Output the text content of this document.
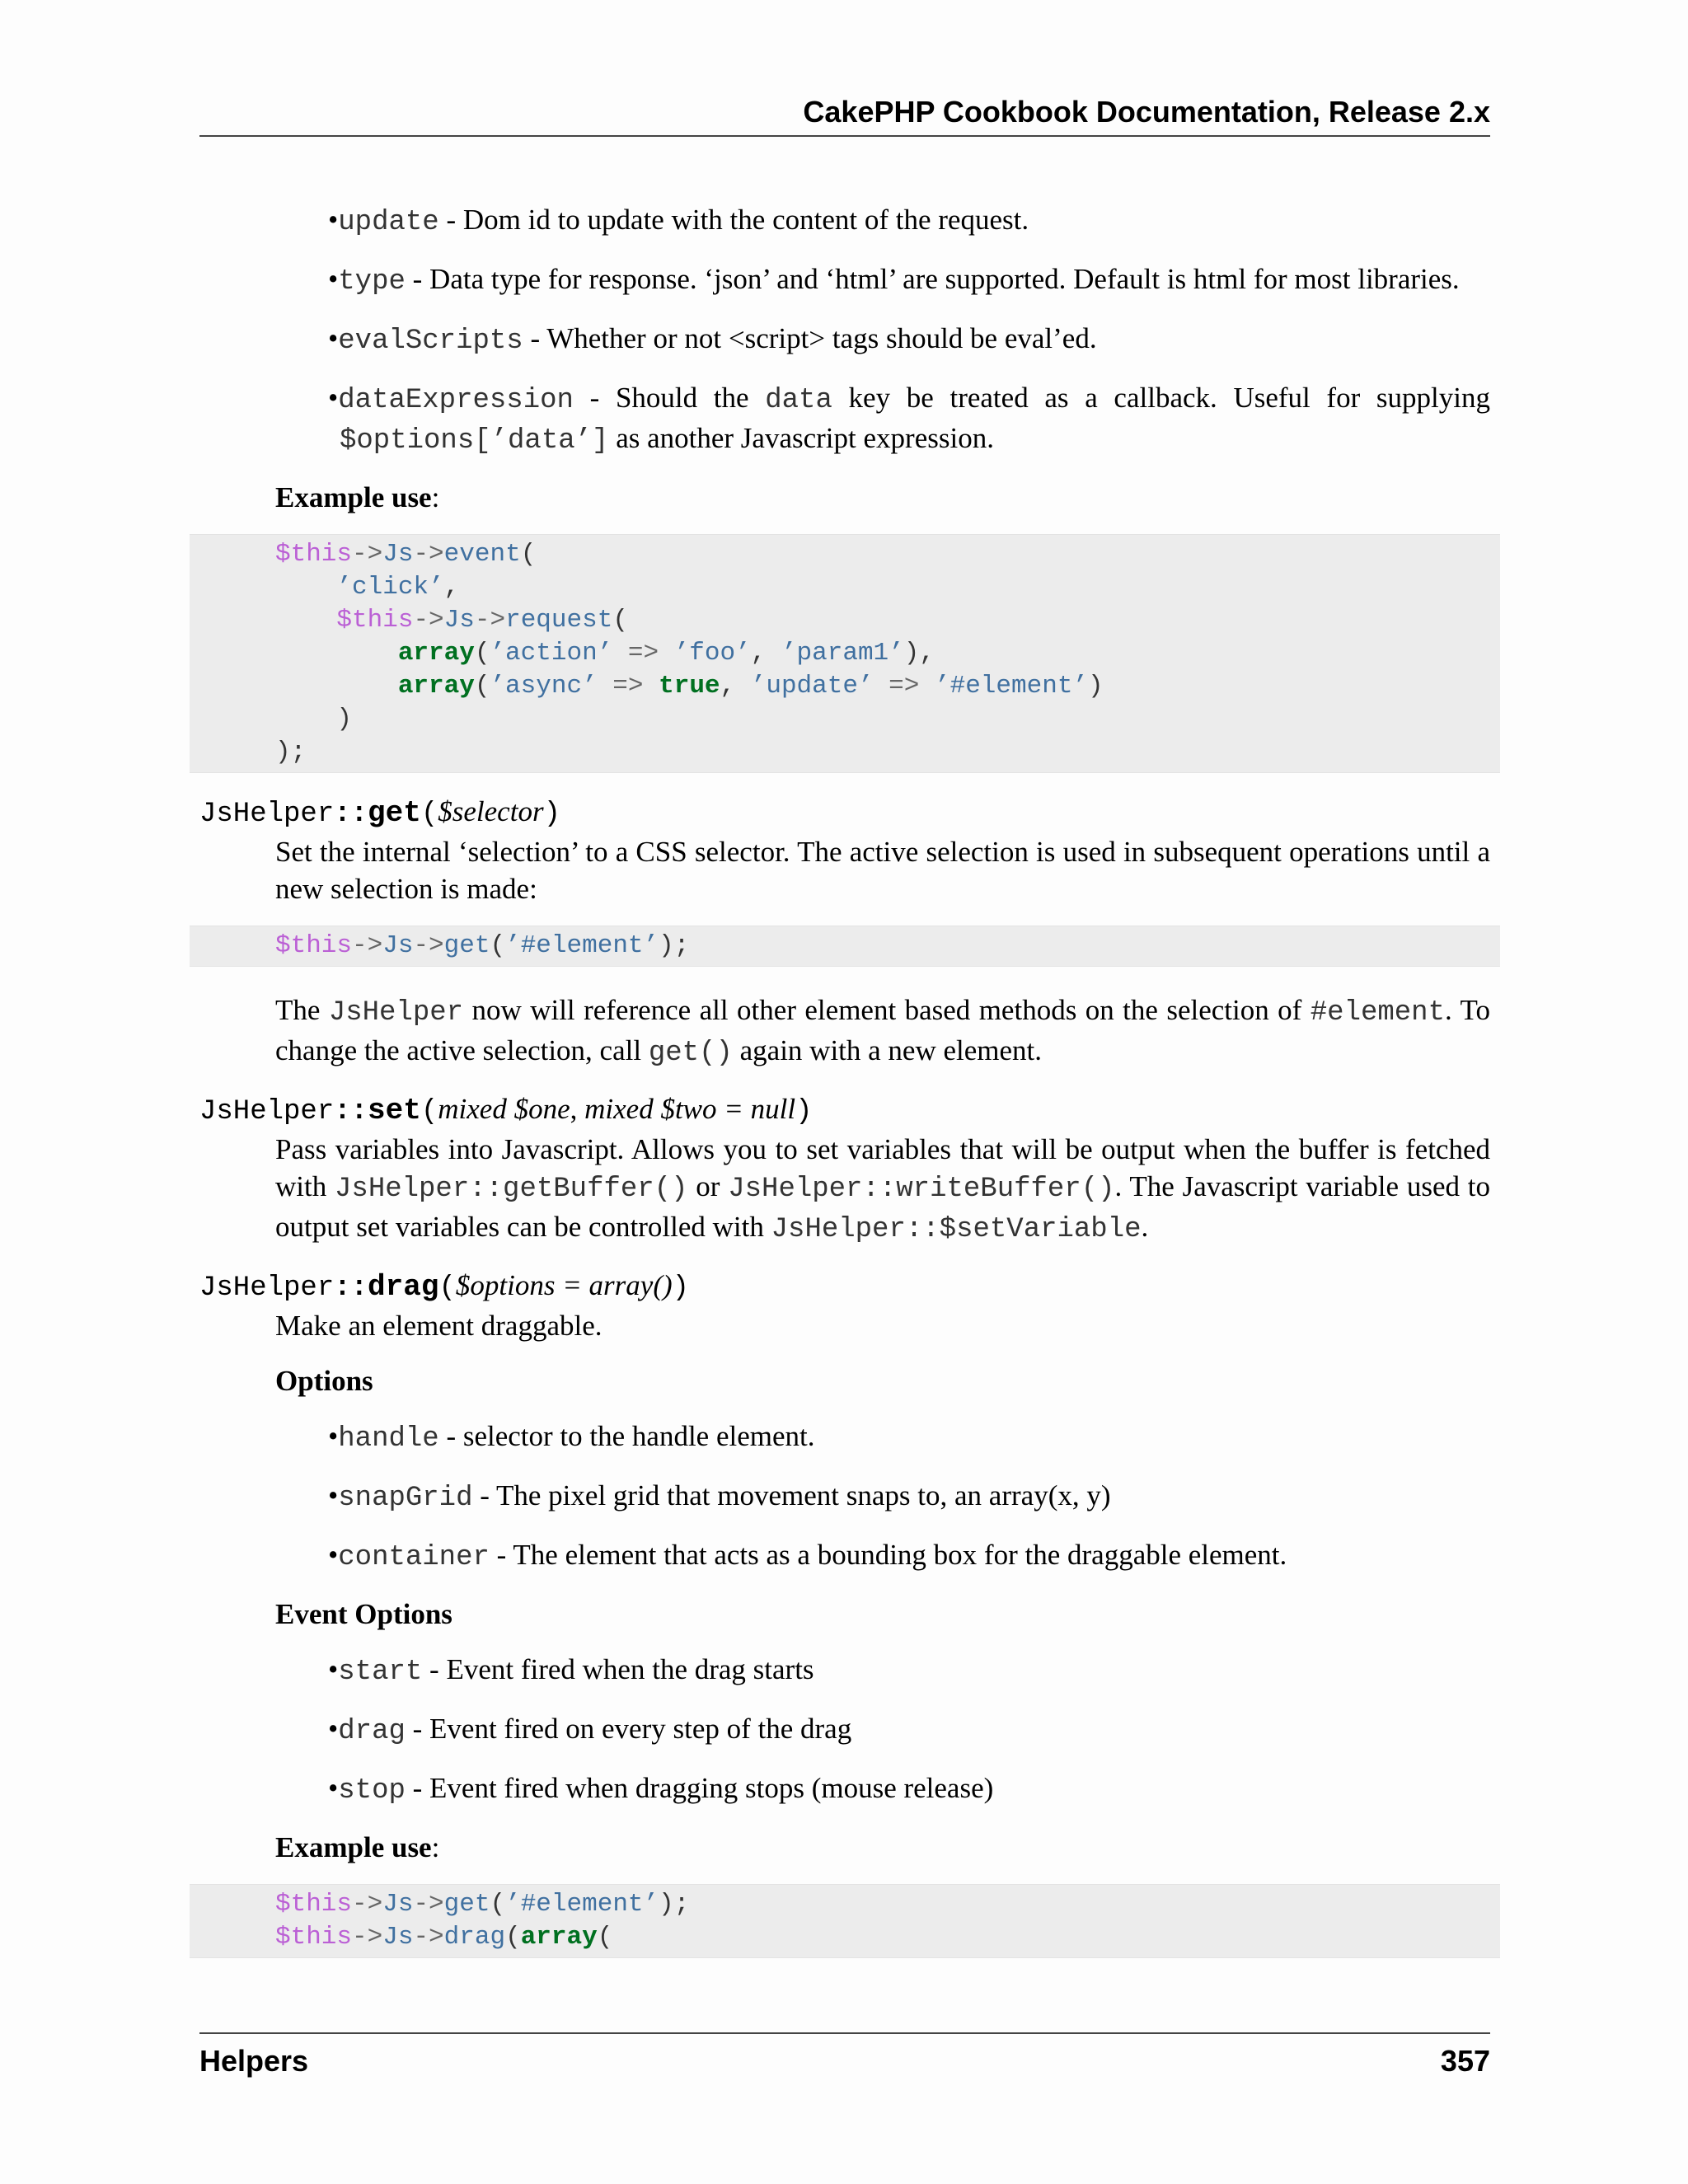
CakePHP Cookbook Documentation, Release 2.x
•update - Dom id to update with the content of the request.
•type - Data type for response. ‘json’ and ‘html’ are supported. Default is html for most libraries.
•evalScripts - Whether or not <script> tags should be eval’ed.
•dataExpression - Should the data key be treated as a callback. Useful for supplying $options[’data’] as another Javascript expression.
Example use:
$this->Js->event(
’click’,
$this->Js->request(
array(’action’ => ’foo’, ’param1’),
array(’async’ => true, ’update’ => ’#element’)
)
);
JsHelper::get($selector)
Set the internal ‘selection’ to a CSS selector. The active selection is used in subsequent operations until a new selection is made:
$this->Js->get(’#element’);
The JsHelper now will reference all other element based methods on the selection of #element. To change the active selection, call get() again with a new element.
JsHelper::set(mixed $one, mixed $two = null)
Pass variables into Javascript. Allows you to set variables that will be output when the buffer is fetched with JsHelper::getBuffer() or JsHelper::writeBuffer(). The Javascript variable used to output set variables can be controlled with JsHelper::$setVariable.
JsHelper::drag($options = array())
Make an element draggable.
Options
•handle - selector to the handle element.
•snapGrid - The pixel grid that movement snaps to, an array(x, y)
•container - The element that acts as a bounding box for the draggable element.
Event Options
•start - Event fired when the drag starts
•drag - Event fired on every step of the drag
•stop - Event fired when dragging stops (mouse release)
Example use:
$this->Js->get(’#element’);
$this->Js->drag(array(
Helpers	357
